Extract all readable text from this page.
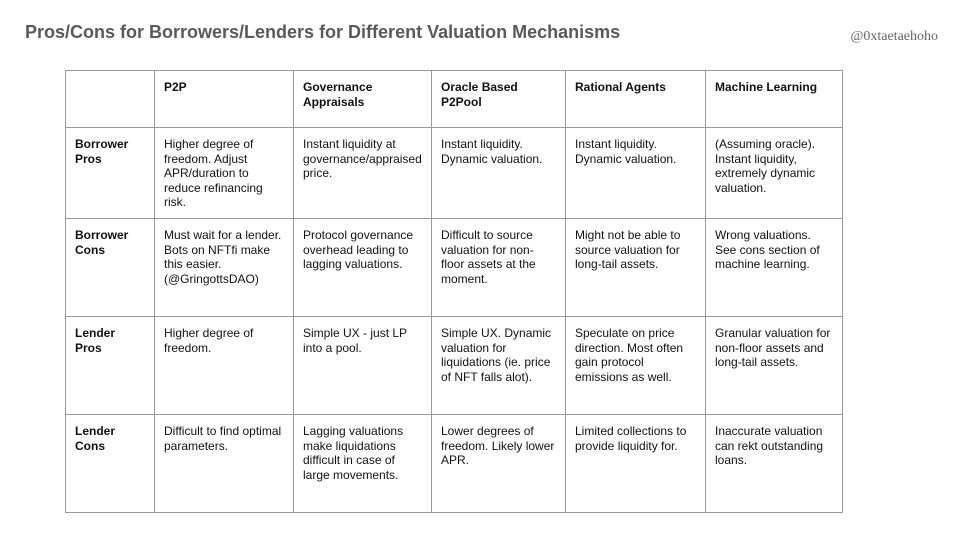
Pros/Cons for Borrowers/Lenders for Different Valuation Mechanisms	@0xtaetaehoho
	P2P	Governance Appraisals	Oracle Based P2Pool	Rational Agents	Machine Learning
Borrower Pros	Higher degree of freedom. Adjust APR/duration to reduce refinancing risk.	Instant liquidity at governance/appraised price.	Instant liquidity. Dynamic valuation.	Instant liquidity. Dynamic valuation.	(Assuming oracle). Instant liquidity, extremely dynamic valuation.
Borrower Cons	Must wait for a lender. Bots on NFTfi make this easier. (@GringottsDAO)	Protocol governance overhead leading to lagging valuations.	Difficult to source valuation for non-floor assets at the moment.	Might not be able to source valuation for long-tail assets.	Wrong valuations. See cons section of machine learning.
Lender Pros	Higher degree of freedom.	Simple UX - just LP into a pool.	Simple UX. Dynamic valuation for liquidations (ie. price of NFT falls alot).	Speculate on price direction. Most often gain protocol emissions as well.	Granular valuation for non-floor assets and long-tail assets.
Lender Cons	Difficult to find optimal parameters.	Lagging valuations make liquidations difficult in case of large movements.	Lower degrees of freedom. Likely lower APR.	Limited collections to provide liquidity for.	Inaccurate valuation can rekt outstanding loans.
